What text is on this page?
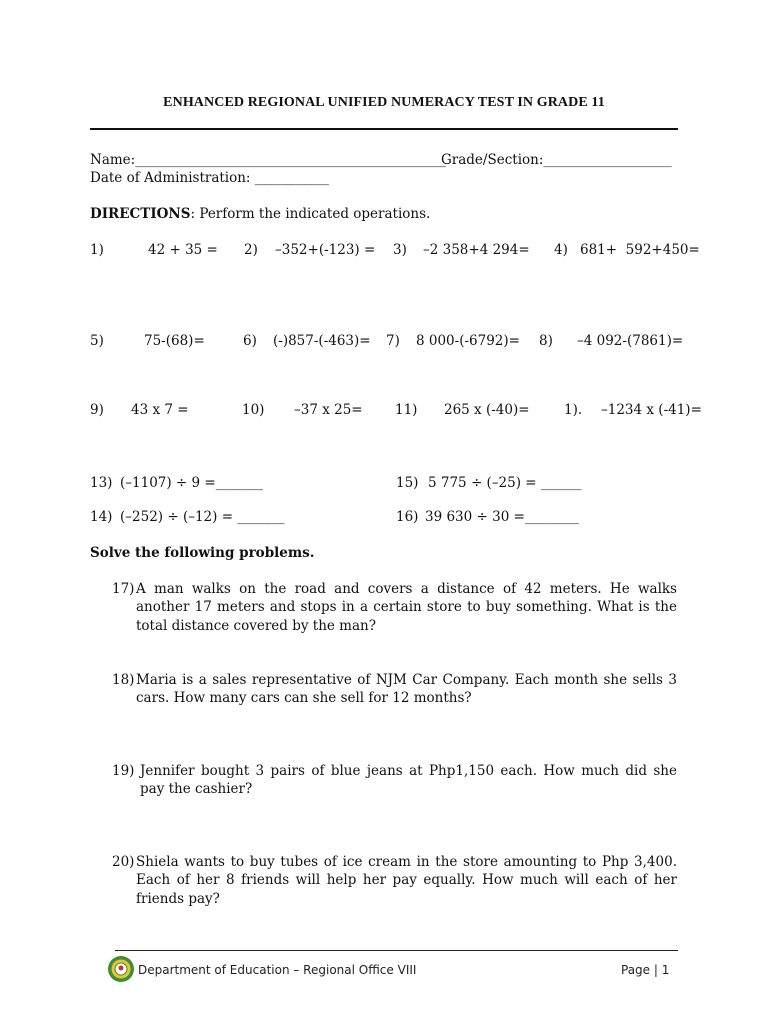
ENHANCED REGIONAL UNIFIED NUMERACY TEST IN GRADE 11
Name:______________________________________________
Grade/Section:___________________
Date of Administration: ___________
DIRECTIONS: Perform the indicated operations.
1)	42 + 35 = 2) –352+(-123) = 3) –2 358+4 294= 4) 681+  592+450=
5)	75-(68)=	6) (-)857-(-463)= 7) 8 000-(-6792)= 8) –4 092-(7861)=
9) 43 x 7 =	10) –37 x 25= 11) 265 x (-40)=	1). –1234 x (-41)=
13) (–1107) ÷ 9 =_______	15) 5 775 ÷ (–25) = ______
14) (–252) ÷ (–12) = _______	16) 39 630 ÷ 30 =________
Solve the following problems.
17) A man walks on the road and covers a distance of 42 meters. He walks another 17 meters and stops in a certain store to buy something. What is the total distance covered by the man?
18) Maria is a sales representative of NJM Car Company. Each month she sells 3 cars. How many cars can she sell for 12 months?
19) Jennifer bought 3 pairs of blue jeans at Php1,150 each. How much did she pay the cashier?
20) Shiela wants to buy tubes of ice cream in the store amounting to Php 3,400. Each of her 8 friends will help her pay equally. How much will each of her friends pay?
Department of Education – Regional Office VIII	Page | 1
